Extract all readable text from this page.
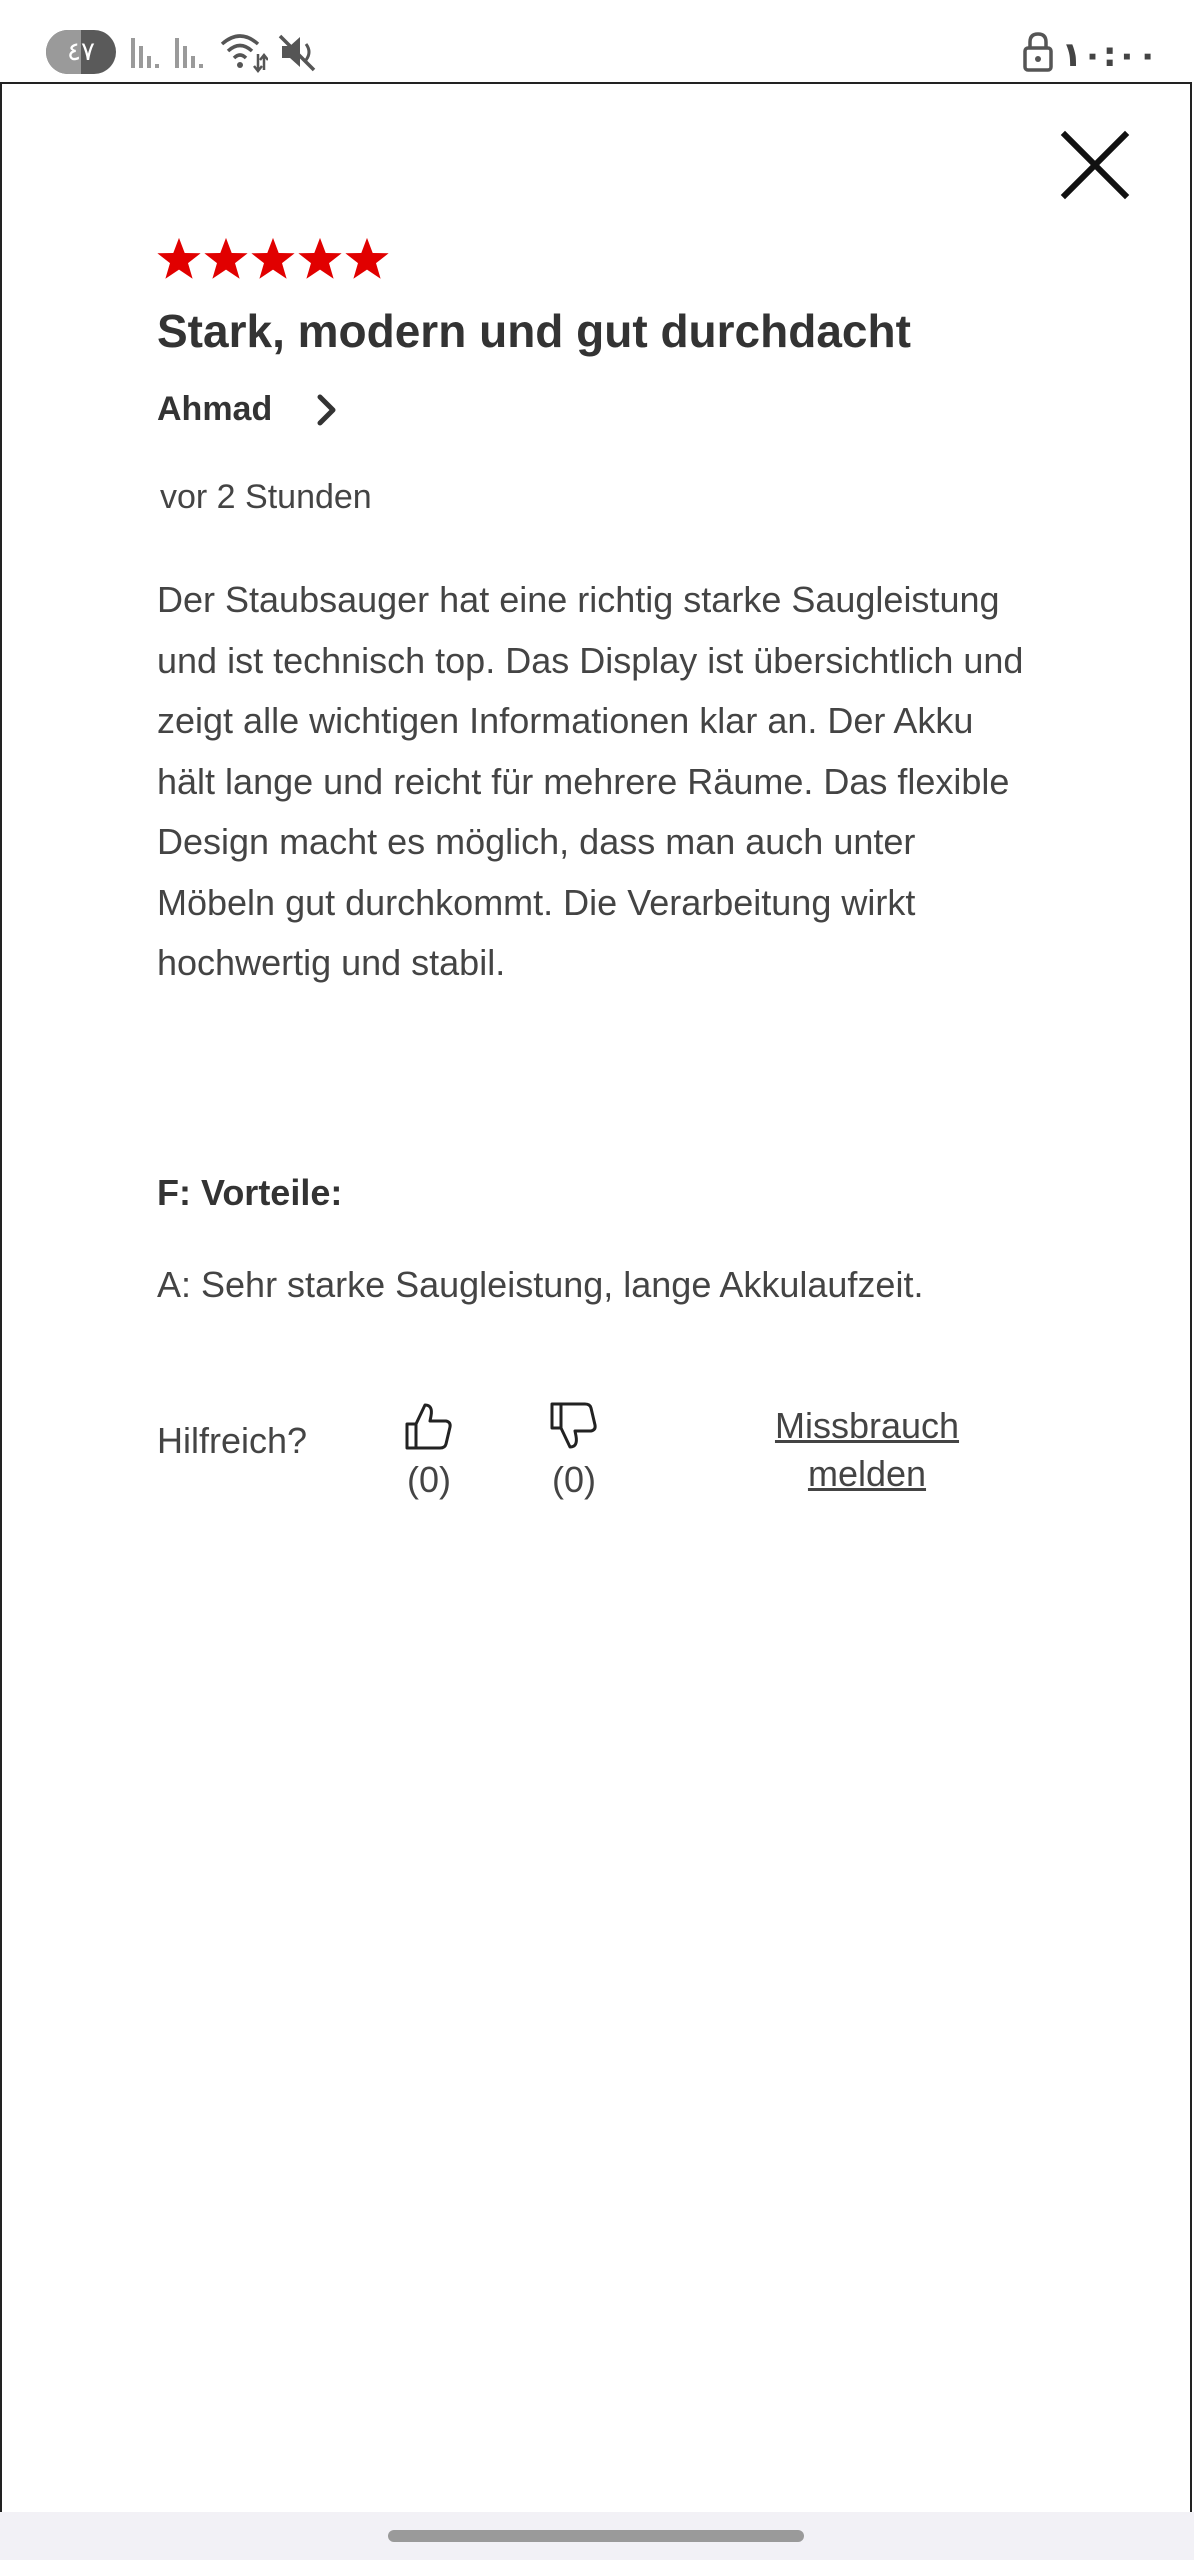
٤٧	١٠:٠٠
Stark, modern und gut durchdacht
Ahmad
vor 2 Stunden
Der Staubsauger hat eine richtig starke Saugleistung und ist technisch top. Das Display ist übersichtlich und zeigt alle wichtigen Informationen klar an. Der Akku hält lange und reicht für mehrere Räume. Das flexible Design macht es möglich, dass man auch unter Möbeln gut durchkommt. Die Verarbeitung wirkt hochwertig und stabil.
F: Vorteile:
A: Sehr starke Saugleistung, lange Akkulaufzeit.
Hilfreich?
(0)	(0)
Missbrauch
melden
